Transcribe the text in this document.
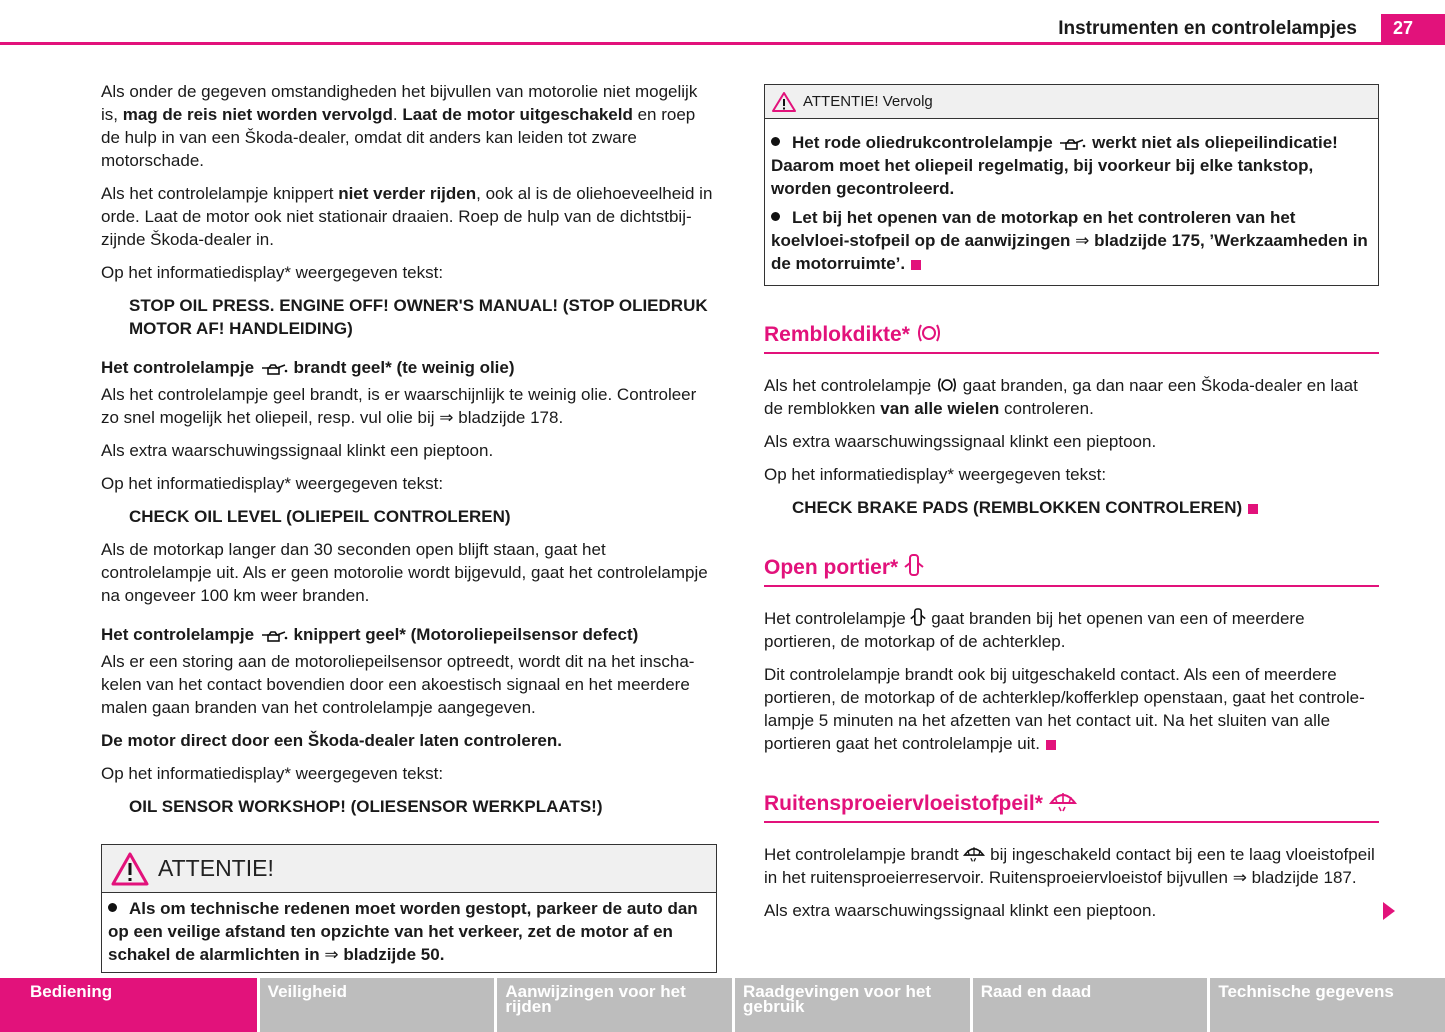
Instrumenten en controlelampjes	27

Als onder de gegeven omstandigheden het bijvullen van motorolie niet mogelijk is, mag de reis niet worden vervolgd. Laat de motor uitgeschakeld en roep de hulp in van een Škoda-dealer, omdat dit anders kan leiden tot zware motorschade.

Als het controlelampje knippert niet verder rijden, ook al is de oliehoeveelheid in orde. Laat de motor ook niet stationair draaien. Roep de hulp van de dichtstbij-zijnde Škoda-dealer in.

Op het informatiedisplay* weergegeven tekst:

STOP OIL PRESS. ENGINE OFF! OWNER'S MANUAL! (STOP OLIEDRUK MOTOR AF! HANDLEIDING)

Het controlelampje  brandt geel* (te weinig olie)

Als het controlelampje geel brandt, is er waarschijnlijk te weinig olie. Controleer zo snel mogelijk het oliepeil, resp. vul olie bij ⇒ bladzijde 178.

Als extra waarschuwingssignaal klinkt een pieptoon.

Op het informatiedisplay* weergegeven tekst:

CHECK OIL LEVEL (OLIEPEIL CONTROLEREN)

Als de motorkap langer dan 30 seconden open blijft staan, gaat het controlelampje uit. Als er geen motorolie wordt bijgevuld, gaat het controlelampje na ongeveer 100 km weer branden.

Het controlelampje  knippert geel* (Motoroliepeilsensor defect)

Als er een storing aan de motoroliepeilsensor optreedt, wordt dit na het inscha-kelen van het contact bovendien door een akoestisch signaal en het meerdere malen gaan branden van het controlelampje aangegeven.

De motor direct door een Škoda-dealer laten controleren.

Op het informatiedisplay* weergegeven tekst:

OIL SENSOR WORKSHOP! (OLIESENSOR WERKPLAATS!)

ATTENTIE!
Als om technische redenen moet worden gestopt, parkeer de auto dan op een veilige afstand ten opzichte van het verkeer, zet de motor af en schakel de alarmlichten in ⇒ bladzijde 50.
ATTENTIE! Vervolg

Het rode oliedrukcontrolelampje  werkt niet als oliepeilindicatie! Daarom moet het oliepeil regelmatig, bij voorkeur bij elke tankstop, worden gecontroleerd.

Let bij het openen van de motorkap en het controleren van het koelvloei-stofpeil op de aanwijzingen ⇒ bladzijde 175, ’Werkzaamheden in de motorruimte’.

Remblokdikte*

Als het controlelampje  gaat branden, ga dan naar een Škoda-dealer en laat de remblokken van alle wielen controleren.

Als extra waarschuwingssignaal klinkt een pieptoon.

Op het informatiedisplay* weergegeven tekst:

CHECK BRAKE PADS (REMBLOKKEN CONTROLEREN)

Open portier*

Het controlelampje  gaat branden bij het openen van een of meerdere portieren, de motorkap of de achterklep.

Dit controlelampje brandt ook bij uitgeschakeld contact. Als een of meerdere portieren, de motorkap of de achterklep/kofferklep openstaan, gaat het controle-lampje 5 minuten na het afzetten van het contact uit. Na het sluiten van alle portieren gaat het controlelampje uit.

Ruitensproeiervloeistofpeil*

Het controlelampje brandt  bij ingeschakeld contact bij een te laag vloeistofpeil in het ruitensproeierreservoir. Ruitensproeiervloeistof bijvullen ⇒ bladzijde 187.

Als extra waarschuwingssignaal klinkt een pieptoon.

Bediening	Veiligheid	Aanwijzingen voor het rijden
Raadgevingen voor het gebruik
Raad en daad	Technische gegevens
